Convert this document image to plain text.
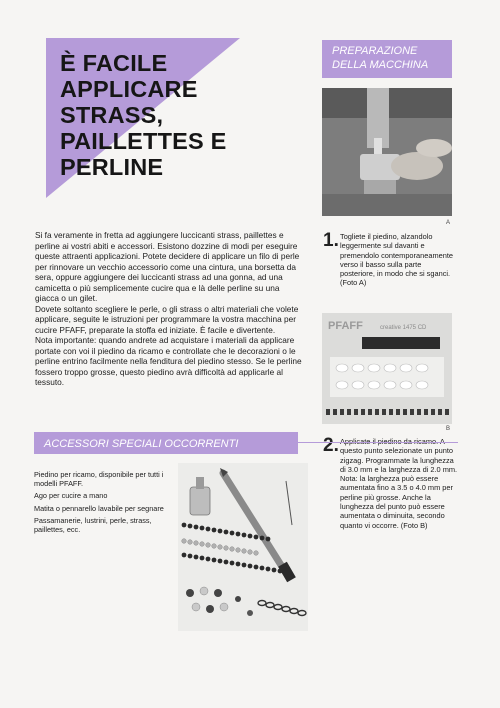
È FACILE APPLICARE STRASS, PAILLETTES E PERLINE
PREPARAZIONE DELLA MACCHINA
A
1. Togliete il piedino, alzandolo leggermente sul davanti e premendolo contemporaneamente verso il basso sulla parte posteriore, in modo che si sganci. (Foto A)
PFAFF	creative 1475 CD
B
2. Applicate il piedino da ricamo. A questo punto selezionate un punto zigzag. Programmate la lunghezza di 3.0 mm e la larghezza di 2.0 mm. Nota: la larghezza può essere aumentata fino a 3.5 o 4.0 mm per perline più grosse. Anche la lunghezza del punto può essere aumentata o diminuita, secondo quanto vi occorre. (Foto B)

Si fa veramente in fretta ad aggiungere luccicanti strass, paillettes e perline ai vostri abiti e accessori. Esistono dozzine di modi per eseguire queste attraenti applicazioni. Potete decidere di applicare un filo di perle per rinnovare un vecchio accessorio come una cintura, una borsetta da sera, oppure aggiungere dei luccicanti strass ad una gonna, ad una camicetta o più semplicemente cucire qua e là delle perline su una giacca o un gilet.

Dovete soltanto scegliere le perle, o gli strass o altri materiali che volete applicare, seguite le istruzioni per programmare la vostra macchina per cucire PFAFF, preparate la stoffa ed iniziate. È facile e divertente.

Nota importante: quando andrete ad acquistare i materiali da applicare portate con voi il piedino da ricamo e controllate che le decorazioni o le perline entrino facilmente nella fenditura del piedino stesso. Se le perline fossero troppo grosse, questo piedino avrà difficoltà ad applicarle al tessuto.

ACCESSORI SPECIALI OCCORRENTI
Piedino per ricamo, disponibile per tutti i modelli PFAFF.
Ago per cucire a mano
Matita o pennarello lavabile per segnare
Passamanerie, lustrini, perle, strass, paillettes, ecc.
